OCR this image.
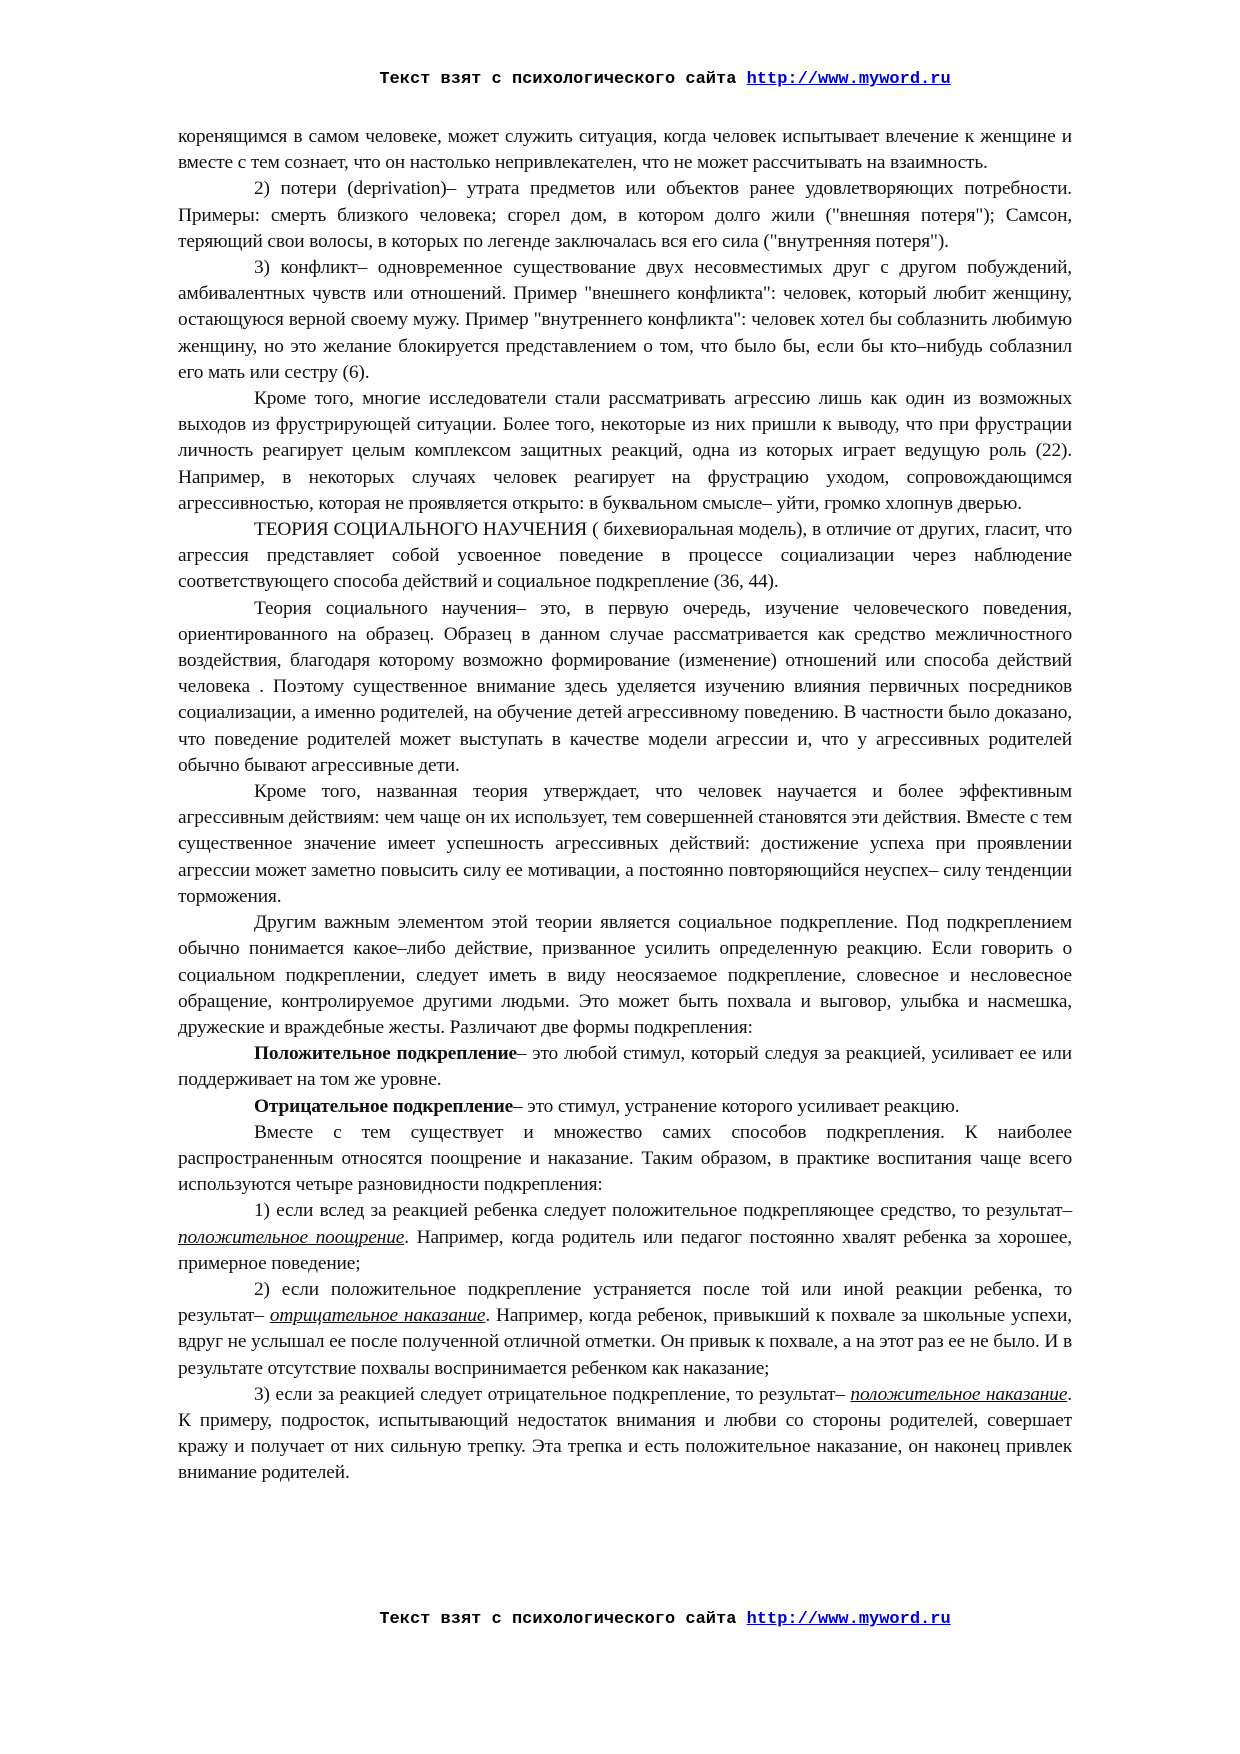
Текст взят с психологического сайта http://www.myword.ru

коренящимся в самом человеке, может служить ситуация, когда человек испытывает влечение к женщине и вместе с тем сознает, что он настолько непривлекателен, что не может рассчитывать на взаимность.

2) потери (deprivation)– утрата предметов или объектов ранее удовлетворяющих потребности. Примеры: смерть близкого человека; сгорел дом, в котором долго жили ("внешняя потеря"); Самсон, теряющий свои волосы, в которых по легенде заключалась вся его сила ("внутренняя потеря").

3) конфликт– одновременное существование двух несовместимых друг с другом побуждений, амбивалентных чувств или отношений. Пример "внешнего конфликта": человек, который любит женщину, остающуюся верной своему мужу. Пример "внутреннего конфликта": человек хотел бы соблазнить любимую женщину, но это желание блокируется представлением о том, что было бы, если бы кто–нибудь соблазнил его мать или сестру (6).

Кроме того, многие исследователи стали рассматривать агрессию лишь как один из возможных выходов из фрустрирующей ситуации. Более того, некоторые из них пришли к выводу, что при фрустрации личность реагирует целым комплексом защитных реакций, одна из которых играет ведущую роль (22). Например, в некоторых случаях человек реагирует на фрустрацию уходом, сопровождающимся агрессивностью, которая не проявляется открыто: в буквальном смысле– уйти, громко хлопнув дверью.

ТЕОРИЯ СОЦИАЛЬНОГО НАУЧЕНИЯ ( бихевиоральная модель), в отличие от других, гласит, что агрессия представляет собой усвоенное поведение в процессе социализации через наблюдение соответствующего способа действий и социальное подкрепление (36, 44).

Теория социального научения– это, в первую очередь, изучение человеческого поведения, ориентированного на образец. Образец в данном случае рассматривается как средство межличностного воздействия, благодаря которому возможно формирование (изменение) отношений или способа действий человека . Поэтому существенное внимание здесь уделяется изучению влияния первичных посредников социализации, а именно родителей, на обучение детей агрессивному поведению. В частности было доказано, что поведение родителей может выступать в качестве модели агрессии и, что у агрессивных родителей обычно бывают агрессивные дети.

Кроме того, названная теория утверждает, что человек научается и более эффективным агрессивным действиям: чем чаще он их использует, тем совершенней становятся эти действия. Вместе с тем существенное значение имеет успешность агрессивных действий: достижение успеха при проявлении агрессии может заметно повысить силу ее мотивации, а постоянно повторяющийся неуспех– силу тенденции торможения.

Другим важным элементом этой теории является социальное подкрепление. Под подкреплением обычно понимается какое–либо действие, призванное усилить определенную реакцию. Если говорить о социальном подкреплении, следует иметь в виду неосязаемое подкрепление, словесное и несловесное обращение, контролируемое другими людьми. Это может быть похвала и выговор, улыбка и насмешка, дружеские и враждебные жесты. Различают две формы подкрепления:

Положительное подкрепление– это любой стимул, который следуя за реакцией, усиливает ее или поддерживает на том же уровне.

Отрицательное подкрепление– это стимул, устранение которого усиливает реакцию.

Вместе с тем существует и множество самих способов подкрепления. К наиболее распространенным относятся поощрение и наказание. Таким образом, в практике воспитания чаще всего используются четыре разновидности подкрепления:

1) если вслед за реакцией ребенка следует положительное подкрепляющее средство, то результат– положительное поощрение. Например, когда родитель или педагог постоянно хвалят ребенка за хорошее, примерное поведение;

2) если положительное подкрепление устраняется после той или иной реакции ребенка, то результат– отрицательное наказание. Например, когда ребенок, привыкший к похвале за школьные успехи, вдруг не услышал ее после полученной отличной отметки. Он привык к похвале, а на этот раз ее не было. И в результате отсутствие похвалы воспринимается ребенком как наказание;

3) если за реакцией следует отрицательное подкрепление, то результат– положительное наказание. К примеру, подросток, испытывающий недостаток внимания и любви со стороны родителей, совершает кражу и получает от них сильную трепку. Эта трепка и есть положительное наказание, он наконец привлек внимание родителей.

Текст взят с психологического сайта http://www.myword.ru
